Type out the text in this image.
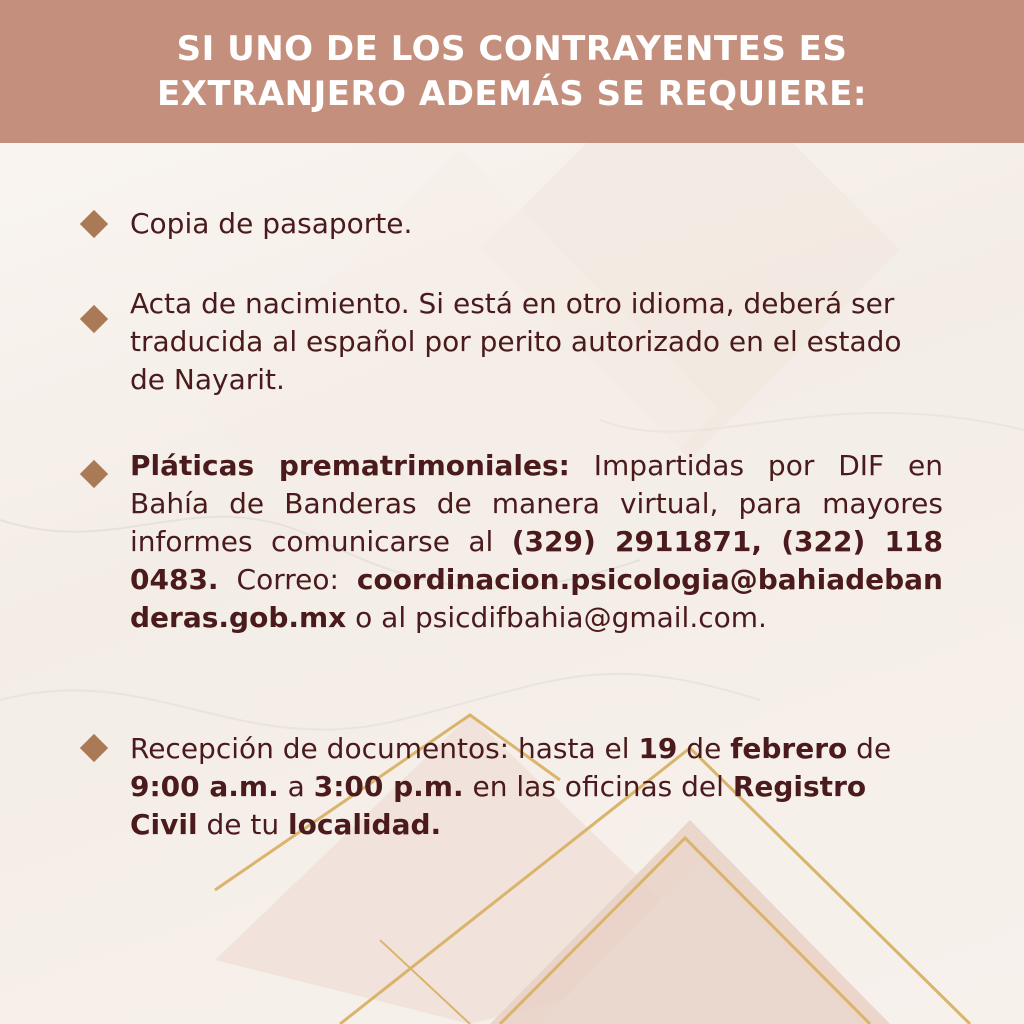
SI UNO DE LOS CONTRAYENTES ES
EXTRANJERO ADEMÁS SE REQUIERE:
Copia de pasaporte.
Acta de nacimiento. Si está en otro idioma, deberá ser traducida al español por perito autorizado en el estado de Nayarit.
Pláticas prematrimoniales: Impartidas por DIF en Bahía de Banderas de manera virtual, para mayores informes comunicarse al (329) 2911871, (322) 118 0483. Correo: coordinacion.psicologia@bahiadebanderas.gob.mx o al psicdifbahia@gmail.com.
Recepción de documentos: hasta el 19 de febrero de 9:00 a.m. a 3:00 p.m. en las oficinas del Registro Civil de tu localidad.
